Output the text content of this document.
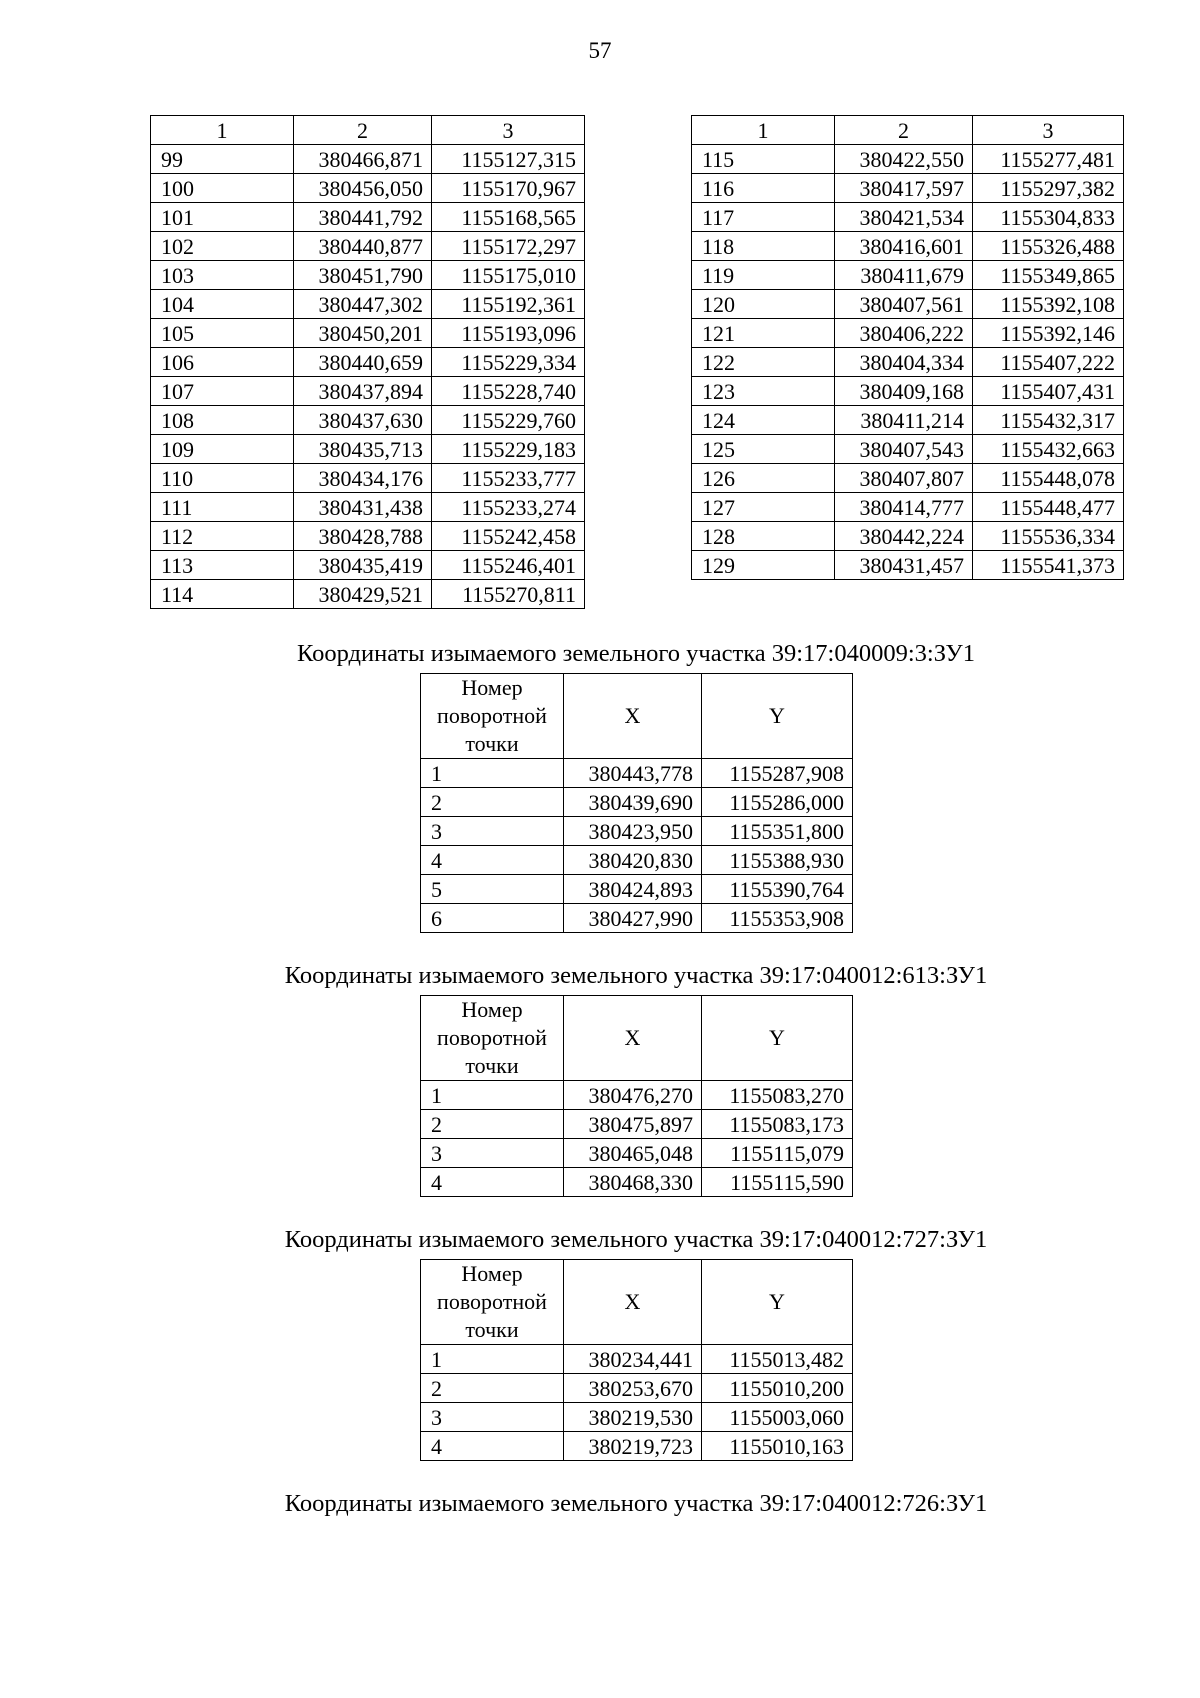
57
1	2	3
99	380466,871	1155127,315
100	380456,050	1155170,967
101	380441,792	1155168,565
102	380440,877	1155172,297
103	380451,790	1155175,010
104	380447,302	1155192,361
105	380450,201	1155193,096
106	380440,659	1155229,334
107	380437,894	1155228,740
108	380437,630	1155229,760
109	380435,713	1155229,183
110	380434,176	1155233,777
111	380431,438	1155233,274
112	380428,788	1155242,458
113	380435,419	1155246,401
114	380429,521	1155270,811
1	2	3
115	380422,550	1155277,481
116	380417,597	1155297,382
117	380421,534	1155304,833
118	380416,601	1155326,488
119	380411,679	1155349,865
120	380407,561	1155392,108
121	380406,222	1155392,146
122	380404,334	1155407,222
123	380409,168	1155407,431
124	380411,214	1155432,317
125	380407,543	1155432,663
126	380407,807	1155448,078
127	380414,777	1155448,477
128	380442,224	1155536,334
129	380431,457	1155541,373
Координаты изымаемого земельного участка 39:17:040009:3:ЗУ1
Номер
поворотной
точки	X	Y
1	380443,778	1155287,908
2	380439,690	1155286,000
3	380423,950	1155351,800
4	380420,830	1155388,930
5	380424,893	1155390,764
6	380427,990	1155353,908
Координаты изымаемого земельного участка 39:17:040012:613:ЗУ1
Номер
поворотной
точки	X	Y
1	380476,270	1155083,270
2	380475,897	1155083,173
3	380465,048	1155115,079
4	380468,330	1155115,590
Координаты изымаемого земельного участка 39:17:040012:727:ЗУ1
Номер
поворотной
точки	X	Y
1	380234,441	1155013,482
2	380253,670	1155010,200
3	380219,530	1155003,060
4	380219,723	1155010,163
Координаты изымаемого земельного участка 39:17:040012:726:ЗУ1
